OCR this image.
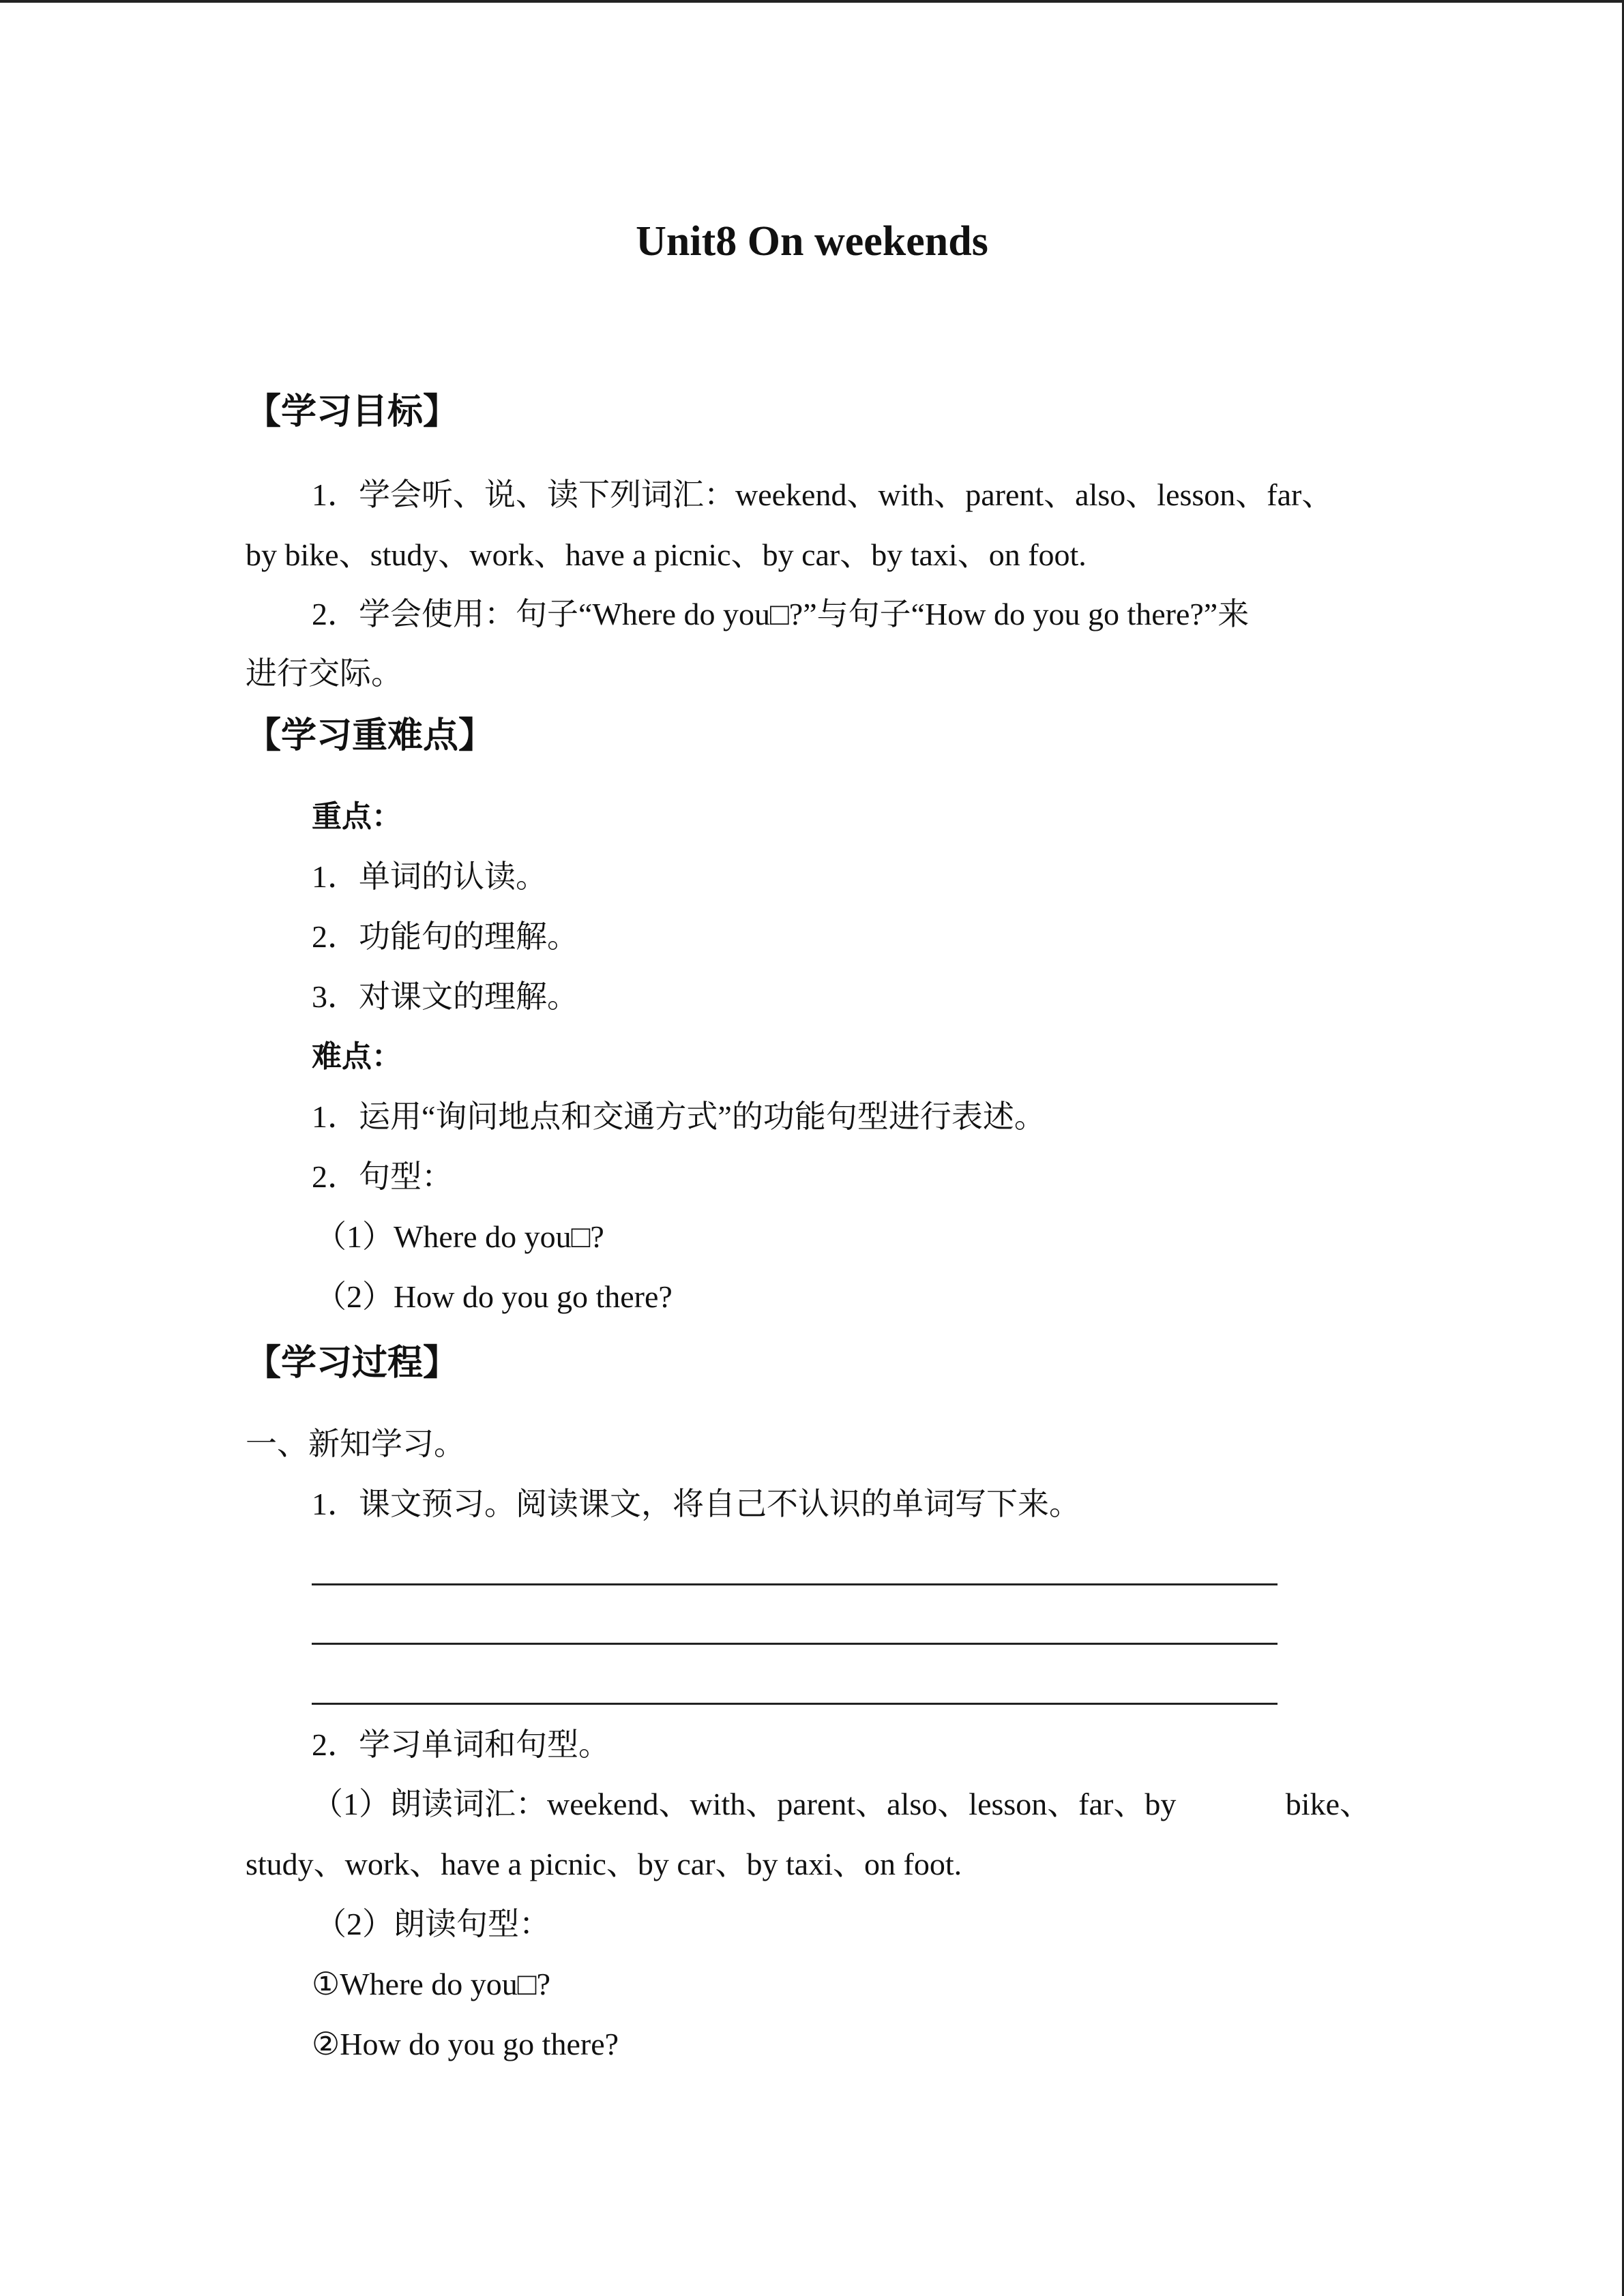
Unit8 On weekends
【学习目标】
1．学会听、说、读下列词汇：weekend、with、parent、also、lesson、far、
by bike、study、work、have a picnic、by car、by taxi、on foot.
2．学会使用：句子“Where do you□?”与句子“How do you go there?”来
进行交际。
【学习重难点】
重点：
1．单词的认读。
2．功能句的理解。
3．对课文的理解。
难点：
1．运用“询问地点和交通方式”的功能句型进行表述。
2．句型：
（1）Where do you□?
（2）How do you go there?
【学习过程】
一、新知学习。
1．课文预习。阅读课文，将自己不认识的单词写下来。
2．学习单词和句型。
（1）朗读词汇：weekend、with、parent、also、lesson、far、by	bike、
study、work、have a picnic、by car、by taxi、on foot.
（2）朗读句型：
①Where do you□?
②How do you go there?
